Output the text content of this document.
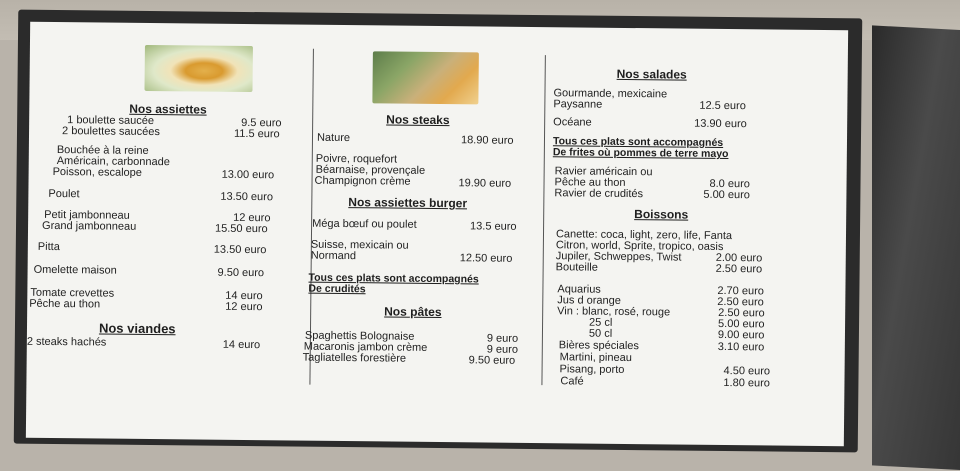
Nos assiettes
1 boulette saucée	9.5 euro
2 boulettes saucées	11.5 euro
Bouchée à la reine
Américain, carbonnade
Poisson, escalope	13.00 euro
Poulet	13.50 euro
Petit jambonneau	12 euro
Grand jambonneau	15.50 euro
Pitta	13.50 euro
Omelette maison	9.50 euro
Tomate crevettes	14 euro
Pêche au thon	12 euro
Nos viandes
2 steaks hachés	14 euro
Nos steaks
Nature	18.90 euro
Poivre, roquefort
Béarnaise, provençale
Champignon crème	19.90 euro
Nos assiettes burger
Méga bœuf ou poulet	13.5 euro
Suisse, mexicain ou
Normand	12.50 euro
Tous ces plats sont accompagnés
De crudités
Nos pâtes
Spaghettis Bolognaise	9 euro
Macaronis jambon crème	9 euro
Tagliatelles forestière	9.50 euro
Nos salades
Gourmande, mexicaine
Paysanne	12.5 euro
Océane	13.90 euro
Tous ces plats sont accompagnés
De frites où pommes de terre mayo
Ravier américain ou
Pêche au thon	8.0 euro
Ravier de crudités	5.00 euro
Boissons
Canette: coca, light, zero, life, Fanta
Citron, world, Sprite, tropico, oasis
Jupiler, Schweppes, Twist	2.00 euro
Bouteille	2.50 euro
Aquarius	2.70 euro
Jus d orange	2.50 euro
Vin : blanc, rosé, rouge	2.50 euro
25 cl	5.00 euro
50 cl	9.00 euro
Bières spéciales	3.10 euro
Martini, pineau
Pisang, porto	4.50 euro
Café	1.80 euro
